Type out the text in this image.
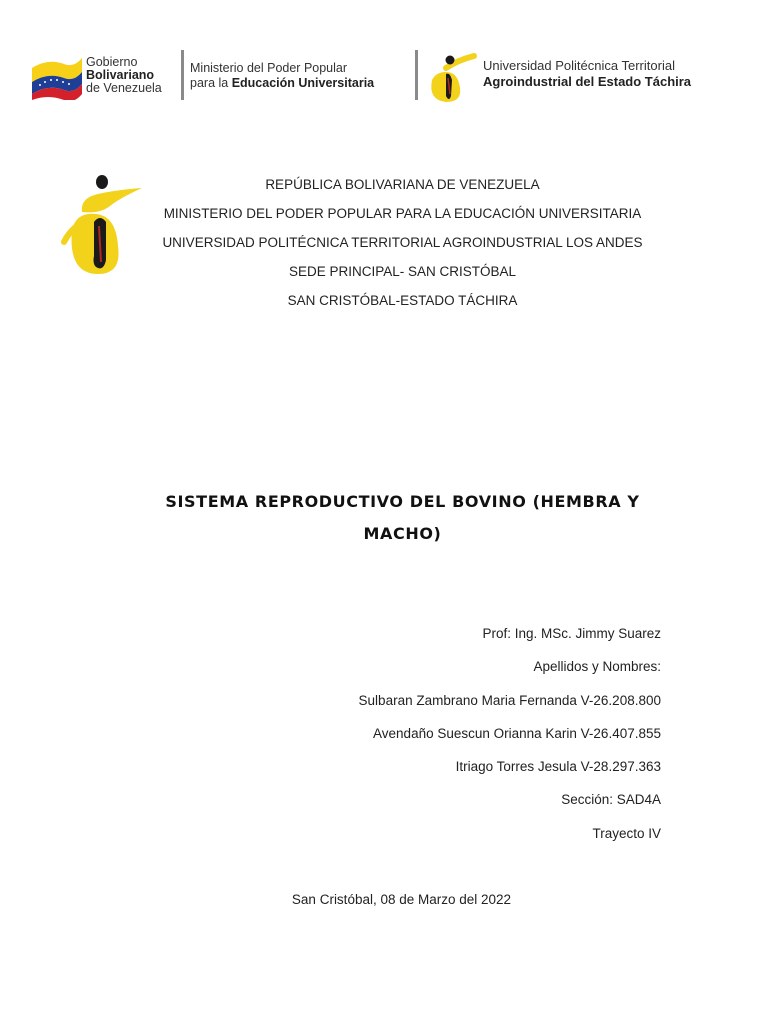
Gobierno
Bolivariano
de Venezuela
Ministerio del Poder Popular
para la Educación Universitaria
Universidad Politécnica Territorial
Agroindustrial del Estado Táchira
REPÚBLICA BOLIVARIANA DE VENEZUELA
MINISTERIO DEL PODER POPULAR PARA LA EDUCACIÓN UNIVERSITARIA
UNIVERSIDAD POLITÉCNICA TERRITORIAL AGROINDUSTRIAL LOS ANDES
SEDE PRINCIPAL- SAN CRISTÓBAL
SAN CRISTÓBAL-ESTADO TÁCHIRA
SISTEMA REPRODUCTIVO DEL BOVINO (HEMBRA Y
MACHO)
Prof: Ing. MSc. Jimmy Suarez
Apellidos y Nombres:
Sulbaran Zambrano Maria Fernanda V-26.208.800
Avendaño Suescun Orianna Karin V-26.407.855
Itriago Torres Jesula V-28.297.363
Sección: SAD4A
Trayecto IV
San Cristóbal, 08 de Marzo del 2022
